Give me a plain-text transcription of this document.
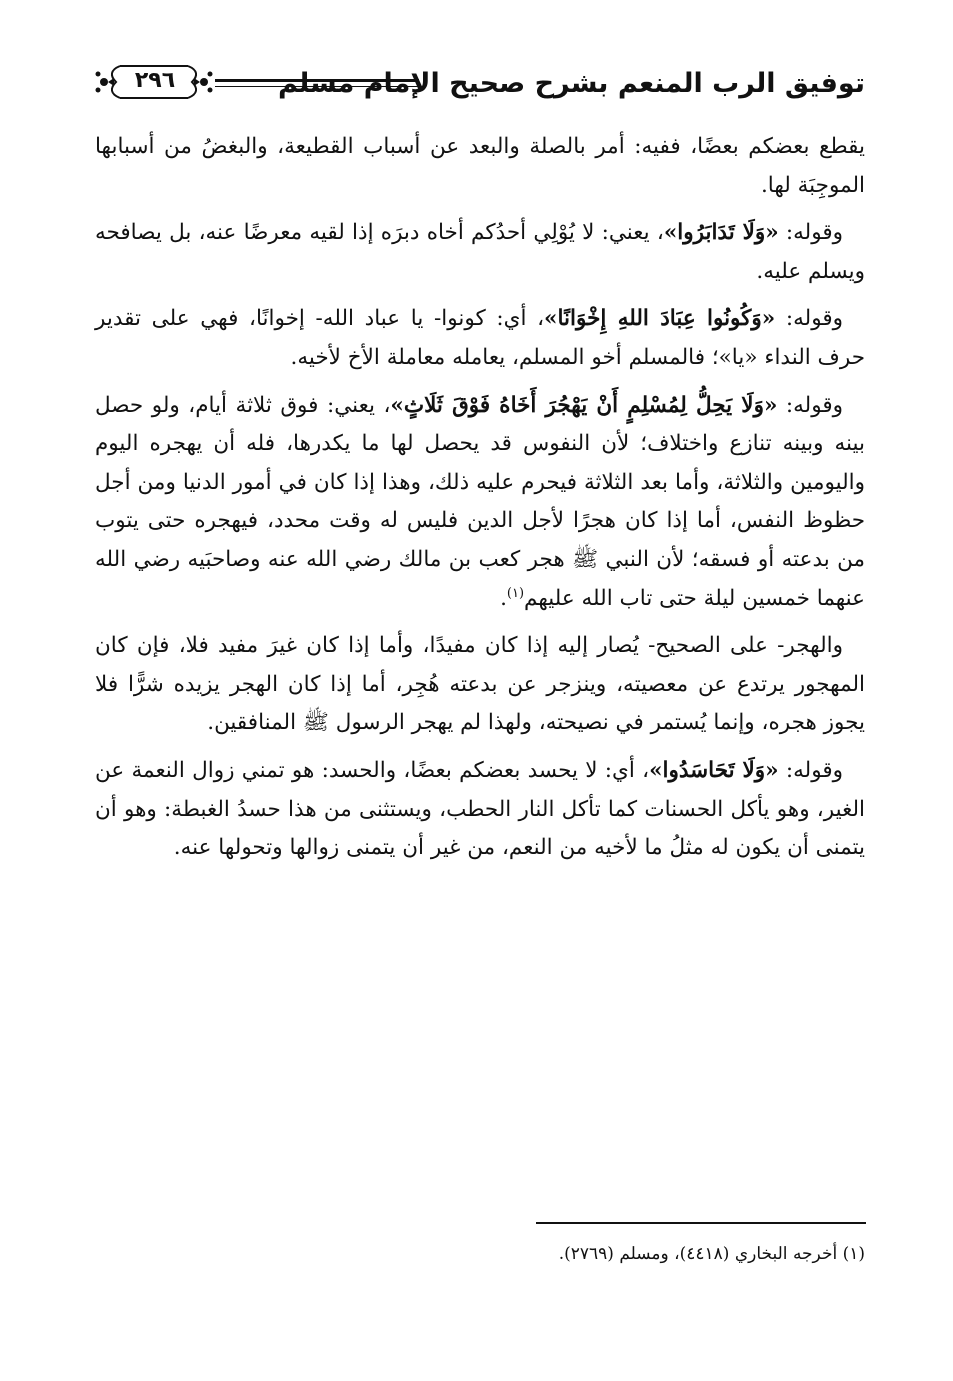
٢٩٦	توفيق الرب المنعم بشرح صحيح الإمام مسلم

يقطع بعضكم بعضًا، ففيه: أمر بالصلة والبعد عن أسباب القطيعة، والبغضُ من أسبابها الموجِبَة لها.

وقوله: «وَلَا تَدَابَرُوا»، يعني: لا يُوْلِي أحدُكم أخاه دبرَه إذا لقيه معرضًا عنه، بل يصافحه ويسلم عليه.

وقوله: «وَكُونُوا عِبَادَ اللهِ إِخْوَانًا»، أي: كونوا- يا عباد الله- إخوانًا، فهي على تقدير حرف النداء «يا»؛ فالمسلم أخو المسلم، يعامله معاملة الأخ لأخيه.

وقوله: «وَلَا يَحِلُّ لِمُسْلِمٍ أَنْ يَهْجُرَ أَخَاهُ فَوْقَ ثَلَاثٍ»، يعني: فوق ثلاثة أيام، ولو حصل بينه وبينه تنازع واختلاف؛ لأن النفوس قد يحصل لها ما يكدرها، فله أن يهجره اليوم واليومين والثلاثة، وأما بعد الثلاثة فيحرم عليه ذلك، وهذا إذا كان في أمور الدنيا ومن أجل حظوظ النفس، أما إذا كان هجرًا لأجل الدين فليس له وقت محدد، فيهجره حتى يتوب من بدعته أو فسقه؛ لأن النبي ﷺ هجر كعب بن مالك رضي الله عنه وصاحبَيه رضي الله عنهما خمسين ليلة حتى تاب الله عليهم$^{(١)}$.

والهجر- على الصحيح- يُصار إليه إذا كان مفيدًا، وأما إذا كان غيرَ مفيد فلا، فإن كان المهجور يرتدع عن معصيته، وينزجر عن بدعته هُجِر، أما إذا كان الهجر يزيده شرًّا فلا يجوز هجره، وإنما يُستمر في نصيحته، ولهذا لم يهجر الرسول ﷺ المنافقين.

وقوله: «وَلَا تَحَاسَدُوا»، أي: لا يحسد بعضكم بعضًا، والحسد: هو تمني زوال النعمة عن الغير، وهو يأكل الحسنات كما تأكل النار الحطب، ويستثنى من هذا حسدُ الغبطة: وهو أن يتمنى أن يكون له مثلُ ما لأخيه من النعم، من غير أن يتمنى زوالها وتحولها عنه.

(١) أخرجه البخاري (٤٤١٨)، ومسلم (٢٧٦٩).
